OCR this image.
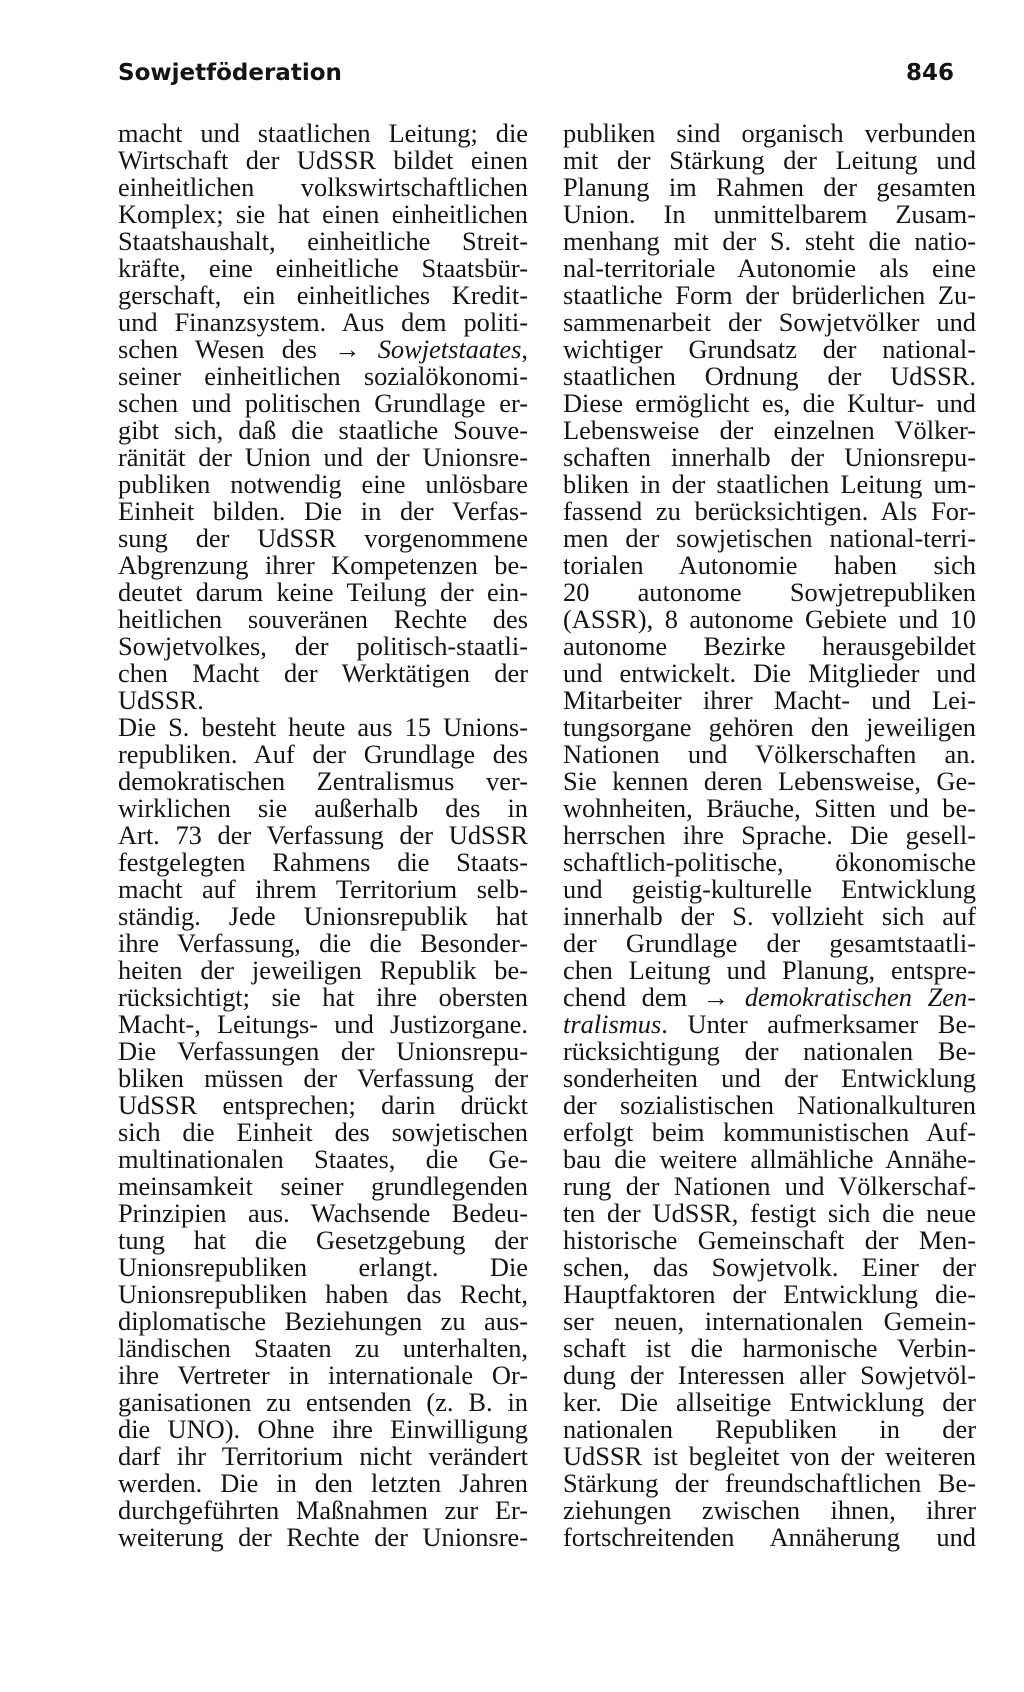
Sowjetföderation	846
macht und staatlichen Leitung; die
Wirtschaft der UdSSR bildet einen
einheitlichen volkswirtschaftlichen
Komplex; sie hat einen einheitlichen
Staatshaushalt, einheitliche Streit-
kräfte, eine einheitliche Staatsbür-
gerschaft, ein einheitliches Kredit-
und Finanzsystem. Aus dem politi-
schen Wesen des → Sowjetstaates,
seiner einheitlichen sozialökonomi-
schen und politischen Grundlage er-
gibt sich, daß die staatliche Souve-
ränität der Union und der Unionsre-
publiken notwendig eine unlösbare
Einheit bilden. Die in der Verfas-
sung der UdSSR vorgenommene
Abgrenzung ihrer Kompetenzen be-
deutet darum keine Teilung der ein-
heitlichen souveränen Rechte des
Sowjetvolkes, der politisch-staatli-
chen Macht der Werktätigen der
UdSSR.
Die S. besteht heute aus 15 Unions-
republiken. Auf der Grundlage des
demokratischen Zentralismus ver-
wirklichen sie außerhalb des in
Art. 73 der Verfassung der UdSSR
festgelegten Rahmens die Staats-
macht auf ihrem Territorium selb-
ständig. Jede Unionsrepublik hat
ihre Verfassung, die die Besonder-
heiten der jeweiligen Republik be-
rücksichtigt; sie hat ihre obersten
Macht-, Leitungs- und Justizorgane.
Die Verfassungen der Unionsrepu-
bliken müssen der Verfassung der
UdSSR entsprechen; darin drückt
sich die Einheit des sowjetischen
multinationalen Staates, die Ge-
meinsamkeit seiner grundlegenden
Prinzipien aus. Wachsende Bedeu-
tung hat die Gesetzgebung der
Unionsrepubliken erlangt. Die
Unionsrepubliken haben das Recht,
diplomatische Beziehungen zu aus-
ländischen Staaten zu unterhalten,
ihre Vertreter in internationale Or-
ganisationen zu entsenden (z. B. in
die UNO). Ohne ihre Einwilligung
darf ihr Territorium nicht verändert
werden. Die in den letzten Jahren
durchgeführten Maßnahmen zur Er-
weiterung der Rechte der Unionsre-
publiken sind organisch verbunden
mit der Stärkung der Leitung und
Planung im Rahmen der gesamten
Union. In unmittelbarem Zusam-
menhang mit der S. steht die natio-
nal-territoriale Autonomie als eine
staatliche Form der brüderlichen Zu-
sammenarbeit der Sowjetvölker und
wichtiger Grundsatz der national-
staatlichen Ordnung der UdSSR.
Diese ermöglicht es, die Kultur- und
Lebensweise der einzelnen Völker-
schaften innerhalb der Unionsrepu-
bliken in der staatlichen Leitung um-
fassend zu berücksichtigen. Als For-
men der sowjetischen national-terri-
torialen Autonomie haben sich
20 autonome Sowjetrepubliken
(ASSR), 8 autonome Gebiete und 10
autonome Bezirke herausgebildet
und entwickelt. Die Mitglieder und
Mitarbeiter ihrer Macht- und Lei-
tungsorgane gehören den jeweiligen
Nationen und Völkerschaften an.
Sie kennen deren Lebensweise, Ge-
wohnheiten, Bräuche, Sitten und be-
herrschen ihre Sprache. Die gesell-
schaftlich-politische, ökonomische
und geistig-kulturelle Entwicklung
innerhalb der S. vollzieht sich auf
der Grundlage der gesamtstaatli-
chen Leitung und Planung, entspre-
chend dem → demokratischen Zen-
tralismus. Unter aufmerksamer Be-
rücksichtigung der nationalen Be-
sonderheiten und der Entwicklung
der sozialistischen Nationalkulturen
erfolgt beim kommunistischen Auf-
bau die weitere allmähliche Annähe-
rung der Nationen und Völkerschaf-
ten der UdSSR, festigt sich die neue
historische Gemeinschaft der Men-
schen, das Sowjetvolk. Einer der
Hauptfaktoren der Entwicklung die-
ser neuen, internationalen Gemein-
schaft ist die harmonische Verbin-
dung der Interessen aller Sowjetvöl-
ker. Die allseitige Entwicklung der
nationalen Republiken in der
UdSSR ist begleitet von der weiteren
Stärkung der freundschaftlichen Be-
ziehungen zwischen ihnen, ihrer
fortschreitenden Annäherung und
